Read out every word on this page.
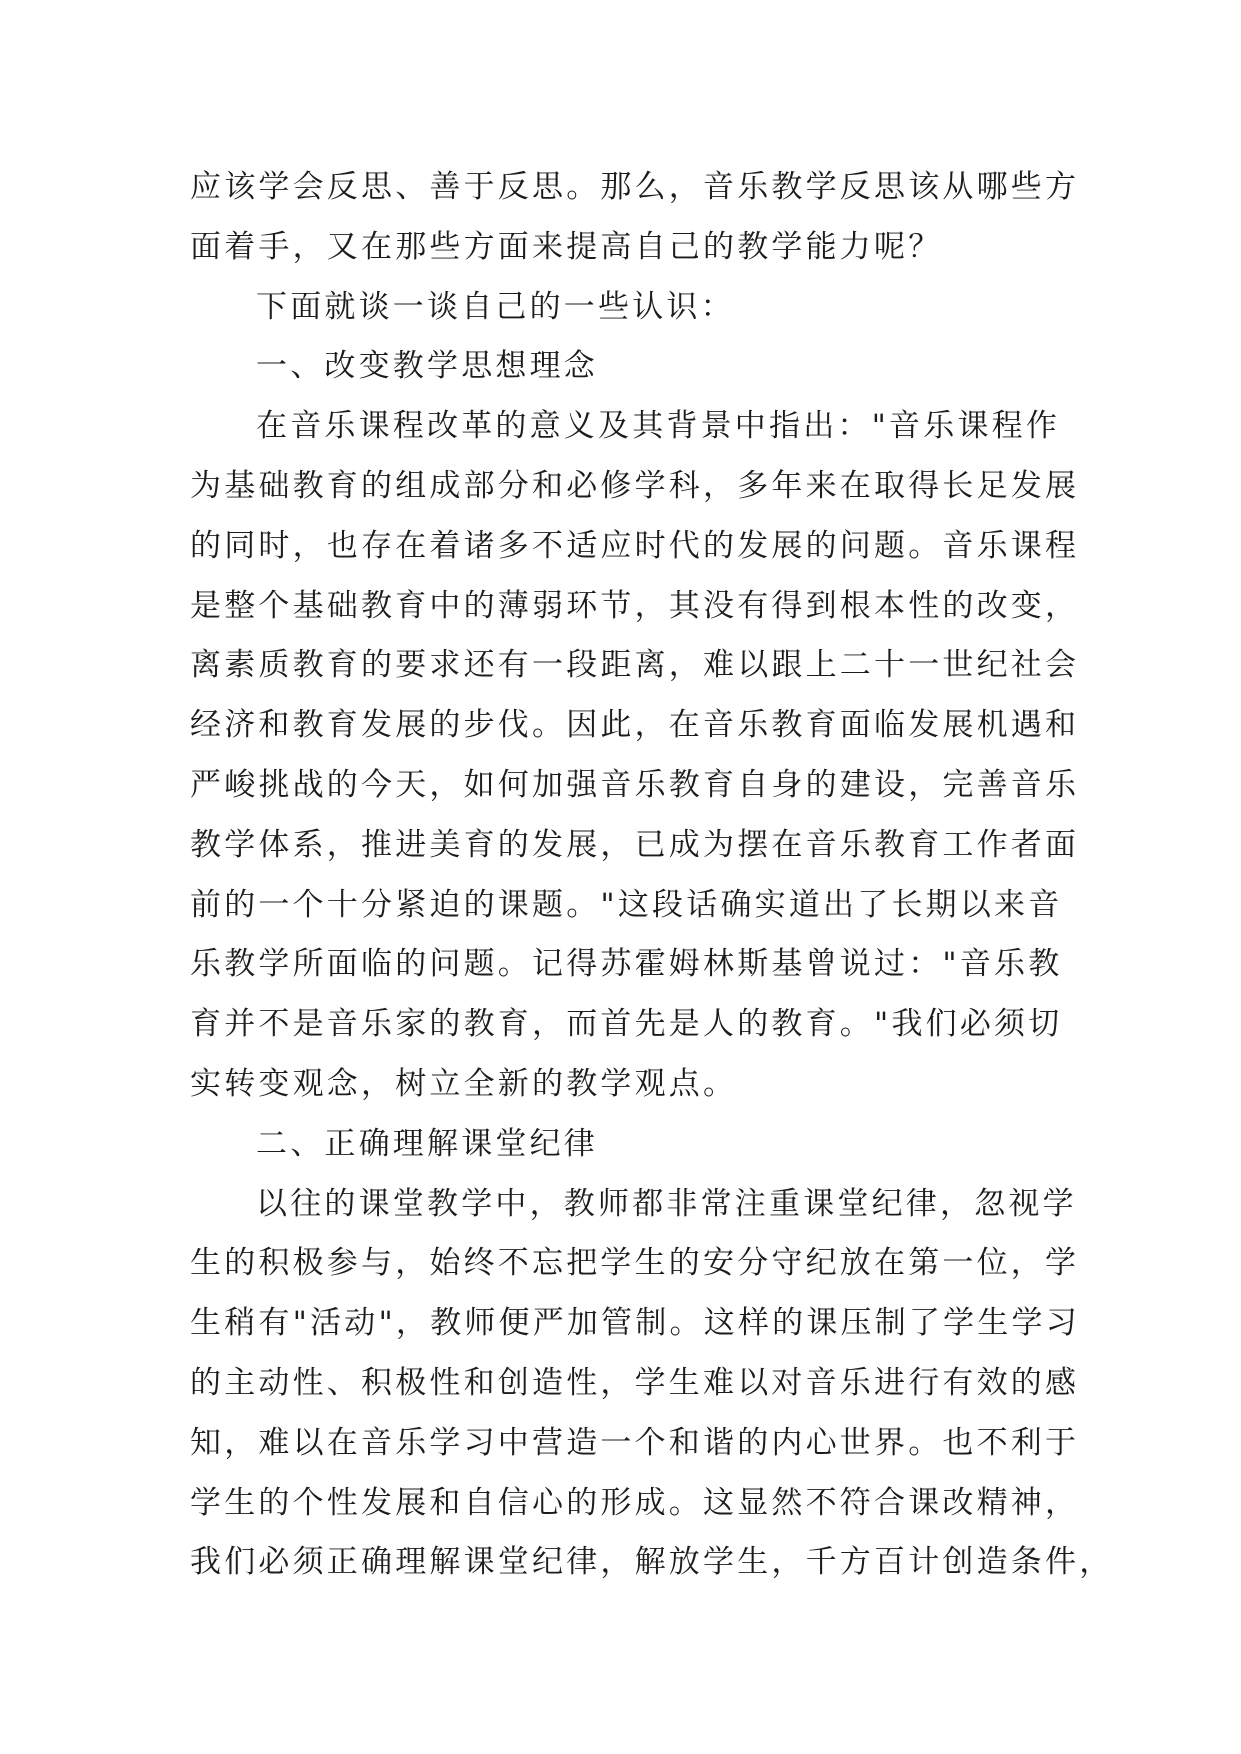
应该学会反思、善于反思。那么，音乐教学反思该从哪些方
面着手，又在那些方面来提高自己的教学能力呢？
下面就谈一谈自己的一些认识：
一、改变教学思想理念
在音乐课程改革的意义及其背景中指出："音乐课程作
为基础教育的组成部分和必修学科，多年来在取得长足发展
的同时，也存在着诸多不适应时代的发展的问题。音乐课程
是整个基础教育中的薄弱环节，其没有得到根本性的改变，
离素质教育的要求还有一段距离，难以跟上二十一世纪社会
经济和教育发展的步伐。因此，在音乐教育面临发展机遇和
严峻挑战的今天，如何加强音乐教育自身的建设，完善音乐
教学体系，推进美育的发展，已成为摆在音乐教育工作者面
前的一个十分紧迫的课题。"这段话确实道出了长期以来音
乐教学所面临的问题。记得苏霍姆林斯基曾说过："音乐教
育并不是音乐家的教育，而首先是人的教育。"我们必须切
实转变观念，树立全新的教学观点。
二、正确理解课堂纪律
以往的课堂教学中，教师都非常注重课堂纪律，忽视学
生的积极参与，始终不忘把学生的安分守纪放在第一位，学
生稍有"活动"，教师便严加管制。这样的课压制了学生学习
的主动性、积极性和创造性，学生难以对音乐进行有效的感
知，难以在音乐学习中营造一个和谐的内心世界。也不利于
学生的个性发展和自信心的形成。这显然不符合课改精神，
我们必须正确理解课堂纪律，解放学生，千方百计创造条件，
